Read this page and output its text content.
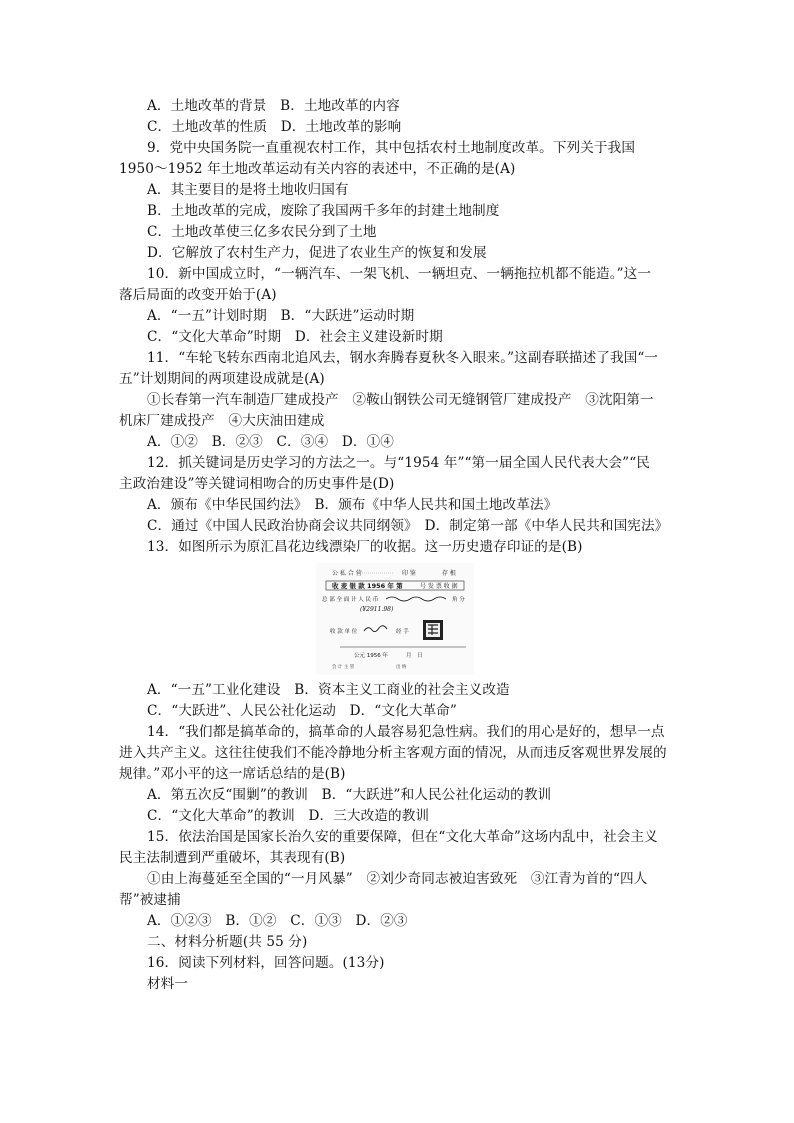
A．土地改革的背景　B．土地改革的内容
C．土地改革的性质　D．土地改革的影响
9．党中央国务院一直重视农村工作，其中包括农村土地制度改革。下列关于我国
1950～1952 年土地改革运动有关内容的表述中，不正确的是(A)
A．其主要目的是将土地收归国有
B．土地改革的完成，废除了我国两千多年的封建土地制度
C．土地改革使三亿多农民分到了土地
D．它解放了农村生产力，促进了农业生产的恢复和发展
10．新中国成立时，“一辆汽车、一架飞机、一辆坦克、一辆拖拉机都不能造。”这一
落后局面的改变开始于(A)
A．“一五”计划时期　B．“大跃进”运动时期
C．“文化大革命”时期　D．社会主义建设新时期
11．“车轮飞转东西南北追风去，钢水奔腾春夏秋冬入眼来。”这副春联描述了我国“一
五”计划期间的两项建设成就是(A)
①长春第一汽车制造厂建成投产　②鞍山钢铁公司无缝钢管厂建成投产　③沈阳第一
机床厂建成投产　④大庆油田建成
A．①②　B．②③　C．③④　D．①④
12．抓关键词是历史学习的方法之一。与“1954 年”“第一届全国人民代表大会”“民
主政治建设”等关键词相吻合的历史事件是(D)
A．颁布《中华民国约法》　B．颁布《中华人民共和国土地改革法》
C．通过《中国人民政治协商会议共同纲领》　D．制定第一部《中华人民共和国宪法》
13．如图所示为原汇昌花边线漂染厂的收据。这一历史遗存印证的是(B)
公 私 合 营	印 鉴	存 根
收 麦 银 款 1956 年 第	号 发 票 收 据
总 部 全 面 计 人 民 币	角 分
(¥2911.98)
收 款 单 位	经 手
公元 1956 年	月　日
会 计 主 管	出 纳
A．“一五”工业化建设　B．资本主义工商业的社会主义改造
C．“大跃进”、人民公社化运动　D．“文化大革命”
14．“我们都是搞革命的，搞革命的人最容易犯急性病。我们的用心是好的，想早一点
进入共产主义。这往往使我们不能冷静地分析主客观方面的情况，从而违反客观世界发展的
规律。”邓小平的这一席话总结的是(B)
A．第五次反“围剿”的教训　B．“大跃进”和人民公社化运动的教训
C．“文化大革命”的教训　D．三大改造的教训
15．依法治国是国家长治久安的重要保障，但在“文化大革命”这场内乱中，社会主义
民主法制遭到严重破坏，其表现有(B)
①由上海蔓延至全国的“一月风暴”　②刘少奇同志被迫害致死　③江青为首的“四人
帮”被逮捕
A．①②③　B．①②　C．①③　D．②③
二、材料分析题(共 55 分)
16．阅读下列材料，回答问题。(13分)
材料一
